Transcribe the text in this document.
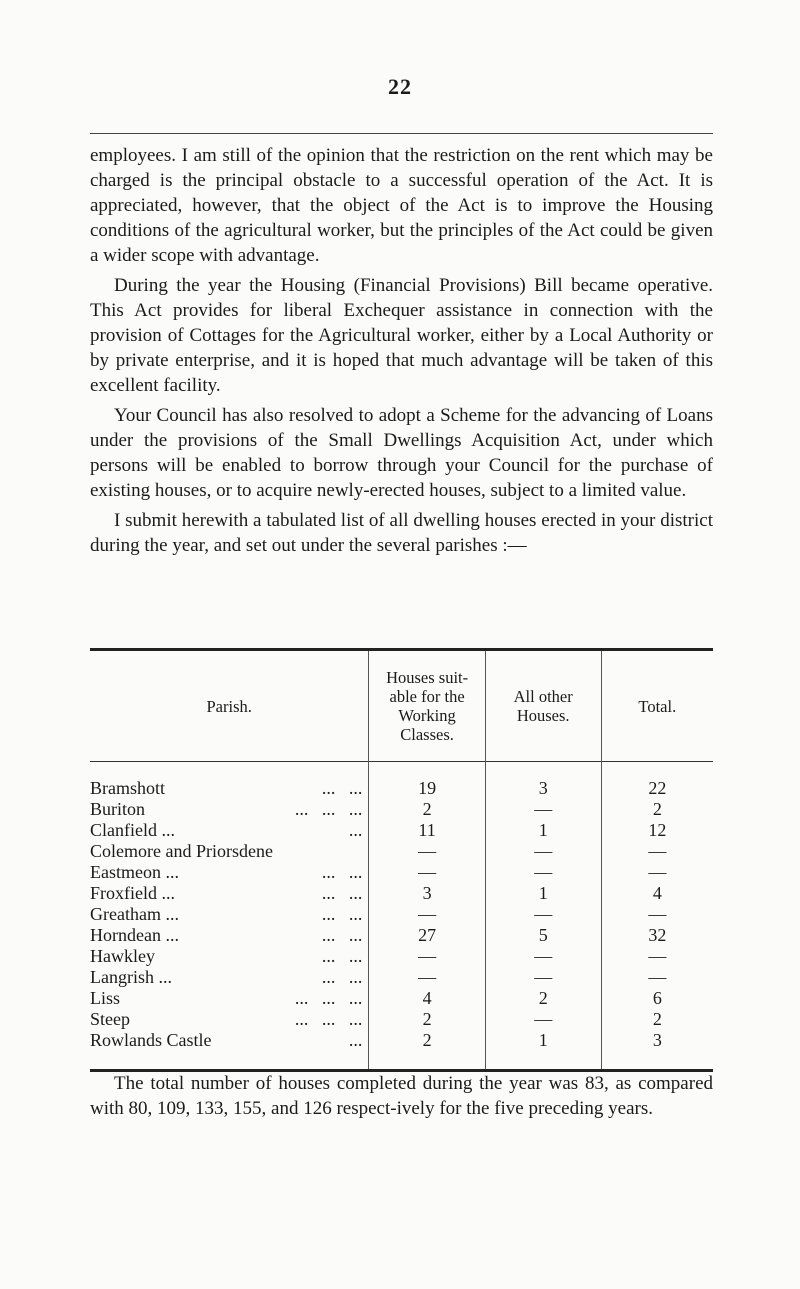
22

employees. I am still of the opinion that the restriction on the rent which may be charged is the principal obstacle to a successful operation of the Act. It is appreciated, however, that the object of the Act is to improve the Housing conditions of the agricultural worker, but the principles of the Act could be given a wider scope with advantage.

During the year the Housing (Financial Provisions) Bill became operative. This Act provides for liberal Exchequer assistance in connection with the provision of Cottages for the Agricultural worker, either by a Local Authority or by private enterprise, and it is hoped that much advantage will be taken of this excellent facility.

Your Council has also resolved to adopt a Scheme for the advancing of Loans under the provisions of the Small Dwellings Acquisition Act, under which persons will be enabled to borrow through your Council for the purchase of existing houses, or to acquire newly-erected houses, subject to a limited value.

I submit herewith a tabulated list of all dwelling houses erected in your district during the year, and set out under the several parishes :—

Parish.	Houses suit-able for the Working Classes.	All other Houses.	Total.
Bramshott ...   ...	19	3	22
Buriton ...   ...   ...	2	—	2
Clanfield ... ...	11	1	12
Colemore and Priorsdene	—	—	—
Eastmeon ... ...   ...	—	—	—
Froxfield ... ...   ...	3	1	4
Greatham ... ...   ...	—	—	—
Horndean ... ...   ...	27	5	32
Hawkley ...   ...	—	—	—
Langrish ... ...   ...	—	—	—
Liss ...   ...   ...	4	2	6
Steep ...   ...   ...	2	—	2
Rowlands Castle ...	2	1	3

The total number of houses completed during the year was 83, as compared with 80, 109, 133, 155, and 126 respect-ively for the five preceding years.
